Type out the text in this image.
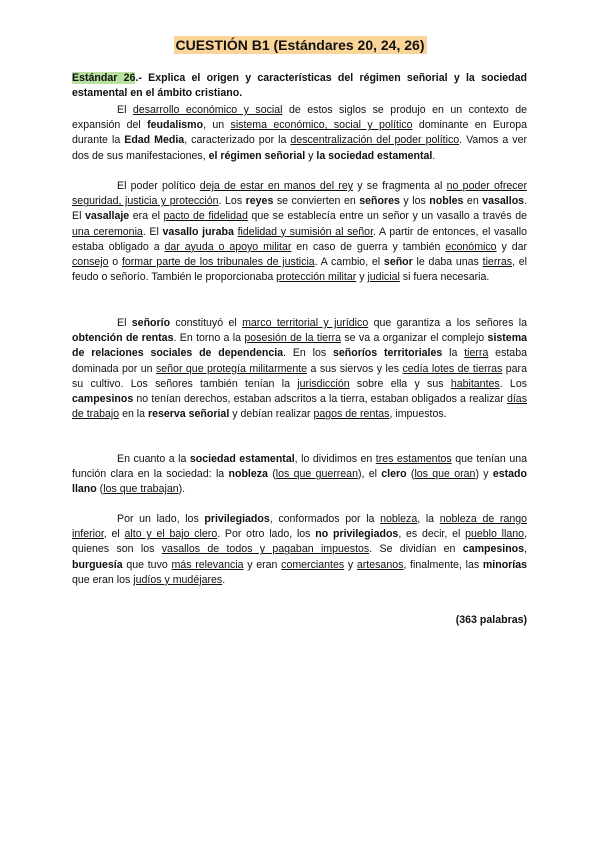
CUESTIÓN B1 (Estándares 20, 24, 26)
Estándar 26.- Explica el origen y características del régimen señorial y la sociedad estamental en el ámbito cristiano.

El desarrollo económico y social de estos siglos se produjo en un contexto de expansión del feudalismo, un sistema económico, social y político dominante en Europa durante la Edad Media, caracterizado por la descentralización del poder político. Vamos a ver dos de sus manifestaciones, el régimen señorial y la sociedad estamental.

El poder político deja de estar en manos del rey y se fragmenta al no poder ofrecer seguridad, justicia y protección. Los reyes se convierten en señores y los nobles en vasallos. El vasallaje era el pacto de fidelidad que se establecía entre un señor y un vasallo a través de una ceremonia. El vasallo juraba fidelidad y sumisión al señor. A partir de entonces, el vasallo estaba obligado a dar ayuda o apoyo militar en caso de guerra y también económico y dar consejo o formar parte de los tribunales de justicia. A cambio, el señor le daba unas tierras, el feudo o señorío. También le proporcionaba protección militar y judicial si fuera necesaria.

El señorío constituyó el marco territorial y jurídico que garantiza a los señores la obtención de rentas. En torno a la posesión de la tierra se va a organizar el complejo sistema de relaciones sociales de dependencia. En los señoríos territoriales la tierra estaba dominada por un señor que protegía militarmente a sus siervos y les cedía lotes de tierras para su cultivo. Los señores también tenían la jurisdicción sobre ella y sus habitantes. Los campesinos no tenían derechos, estaban adscritos a la tierra, estaban obligados a realizar días de trabajo en la reserva señorial y debían realizar pagos de rentas, impuestos.

En cuanto a la sociedad estamental, lo dividimos en tres estamentos que tenían una función clara en la sociedad: la nobleza (los que guerrean), el clero (los que oran) y estado llano (los que trabajan).

Por un lado, los privilegiados, conformados por la nobleza, la nobleza de rango inferior, el alto y el bajo clero. Por otro lado, los no privilegiados, es decir, el pueblo llano, quienes son los vasallos de todos y pagaban impuestos. Se dividían en campesinos, burguesía que tuvo más relevancia y eran comerciantes y artesanos, finalmente, las minorías que eran los judíos y mudéjares.

(363 palabras)
